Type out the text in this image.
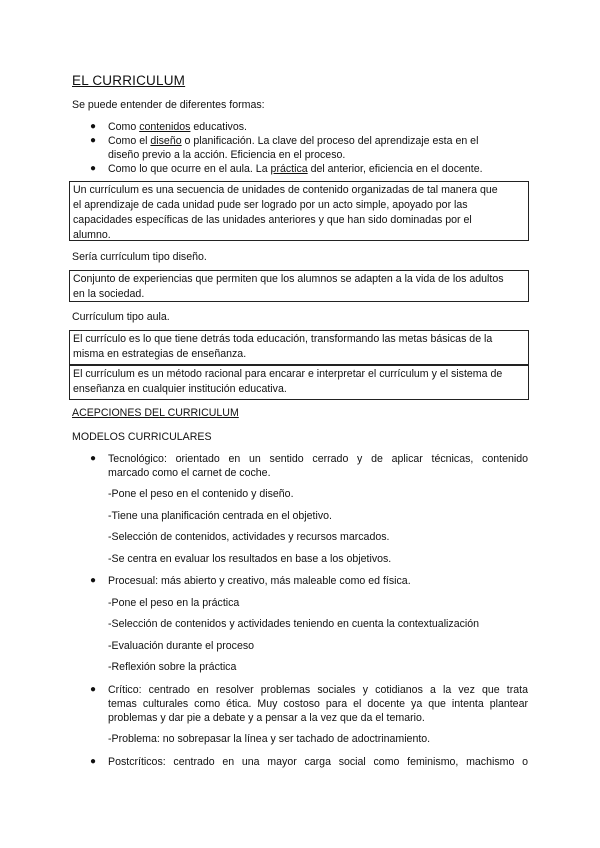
EL CURRICULUM
Se puede entender de diferentes formas:
● Como contenidos educativos.
● Como el diseño o planificación. La clave del proceso del aprendizaje esta en el
diseño previo a la acción. Eficiencia en el proceso.
● Como lo que ocurre en el aula. La práctica del anterior, eficiencia en el docente.
Un currículum es una secuencia de unidades de contenido organizadas de tal manera que
el aprendizaje de cada unidad pude ser logrado por un acto simple, apoyado por las
capacidades específicas de las unidades anteriores y que han sido dominadas por el
alumno.
Sería currículum tipo diseño.
Conjunto de experiencias que permiten que los alumnos se adapten a la vida de los adultos
en la sociedad.
Currículum tipo aula.
El currículo es lo que tiene detrás toda educación, transformando las metas básicas de la
misma en estrategias de enseñanza.
El currículum es un método racional para encarar e interpretar el currículum y el sistema de
enseñanza en cualquier institución educativa.
ACEPCIONES DEL CURRICULUM
MODELOS CURRICULARES
● Tecnológico: orientado en un sentido cerrado y de aplicar técnicas, contenido
marcado como el carnet de coche.
-Pone el peso en el contenido y diseño.
-Tiene una planificación centrada en el objetivo.
-Selección de contenidos, actividades y recursos marcados.
-Se centra en evaluar los resultados en base a los objetivos.
● Procesual: más abierto y creativo, más maleable como ed física.
-Pone el peso en la práctica
-Selección de contenidos y actividades teniendo en cuenta la contextualización
-Evaluación durante el proceso
-Reflexión sobre la práctica
● Crítico: centrado en resolver problemas sociales y cotidianos a la vez que trata
temas culturales como ética. Muy costoso para el docente ya que intenta plantear
problemas y dar pie a debate y a pensar a la vez que da el temario.
-Problema: no sobrepasar la línea y ser tachado de adoctrinamiento.
● Postcríticos: centrado en una mayor carga social como feminismo, machismo o
